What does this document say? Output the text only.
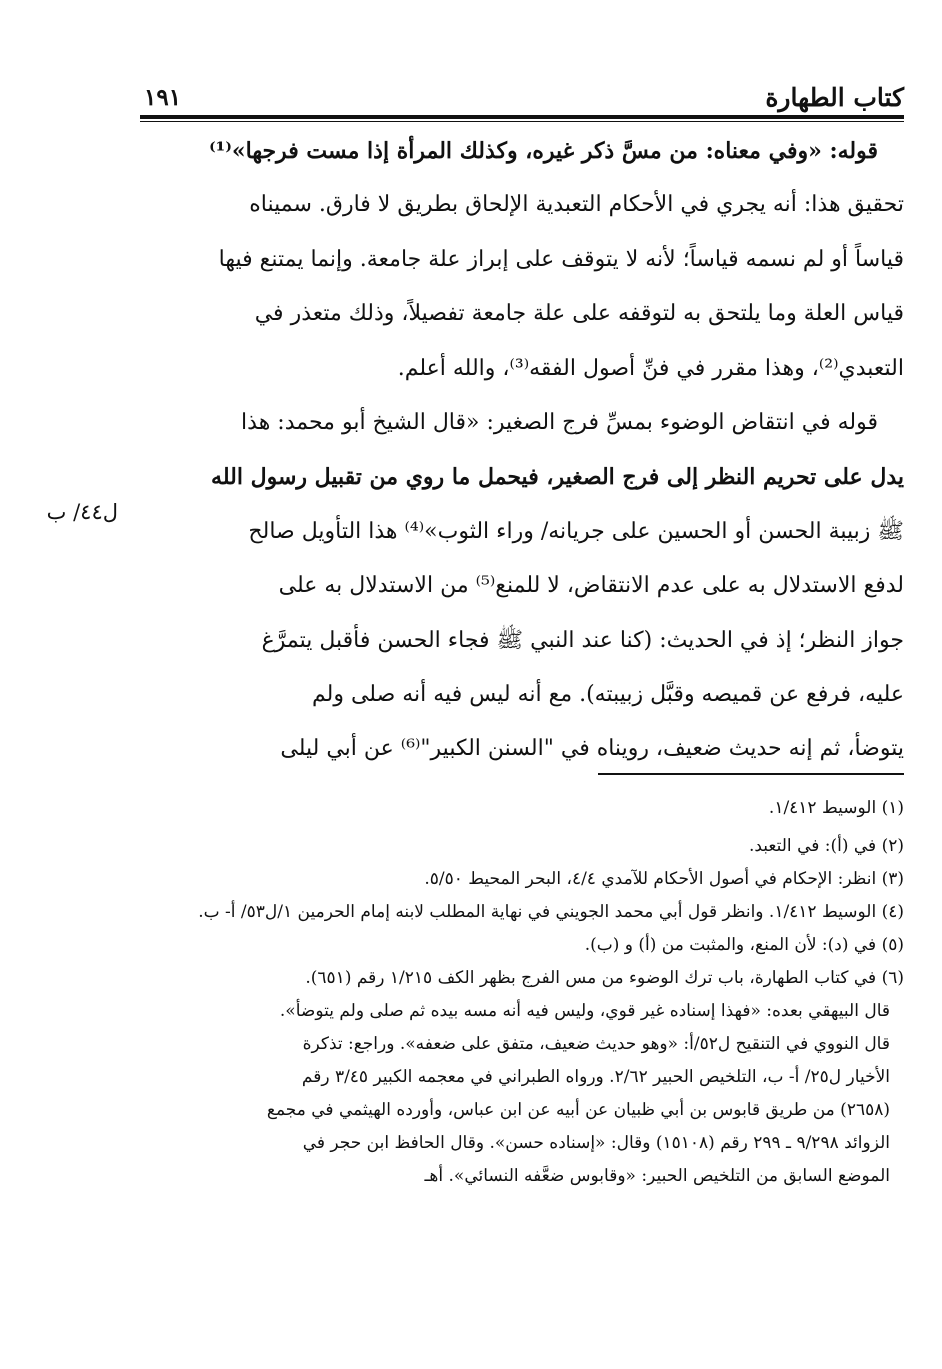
كتاب الطهارة
١٩١
قوله: «وفي معناه: من مسَّ ذكر غيره، وكذلك المرأة إذا مست فرجها»⁽¹⁾
تحقيق هذا: أنه يجري في الأحكام التعبدية الإلحاق بطريق لا فارق. سميناه
قياساً أو لم نسمه قياساً؛ لأنه لا يتوقف على إبراز علة جامعة. وإنما يمتنع فيها
قياس العلة وما يلتحق به لتوقفه على علة جامعة تفصيلاً، وذلك متعذر في
التعبدي⁽²⁾، وهذا مقرر في فنِّ أصول الفقه⁽³⁾، والله أعلم.
قوله في انتقاض الوضوء بمسِّ فرج الصغير: «قال الشيخ أبو محمد: هذا
يدل على تحريم النظر إلى فرج الصغير، فيحمل ما روي من تقبيل رسول الله
ﷺ زبيبة الحسن أو الحسين على جريانه/ وراء الثوب»⁽⁴⁾ هذا التأويل صالح
لدفع الاستدلال به على عدم الانتقاض، لا للمنع⁽⁵⁾ من الاستدلال به على
جواز النظر؛ إذ في الحديث: (كنا عند النبي ﷺ فجاء الحسن فأقبل يتمرَّغ
عليه، فرفع عن قميصه وقبَّل زبيبته). مع أنه ليس فيه أنه صلى ولم
يتوضأ، ثم إنه حديث ضعيف، رويناه في "السنن الكبير"⁽⁶⁾ عن أبي ليلى
ل٤٤/ ب
(١) الوسيط ١/٤١٢.
(٢) في (أ): في التعبد.
(٣) انظر: الإحكام في أصول الأحكام للآمدي ٤/٤، البحر المحيط ٥/٥٠.
(٤) الوسيط ١/٤١٢. وانظر قول أبي محمد الجويني في نهاية المطلب لابنه إمام الحرمين ١/ل٥٣/ أ- ب.
(٥) في (د): لأن المنع، والمثبت من (أ) و (ب).
(٦) في كتاب الطهارة، باب ترك الوضوء من مس الفرج بظهر الكف ١/٢١٥ رقم (٦٥١).
قال البيهقي بعده: «فهذا إسناده غير قوي، وليس فيه أنه مسه بيده ثم صلى ولم يتوضأ».
قال النووي في التنقيح ل٥٢/أ: «وهو حديث ضعيف، متفق على ضعفه». وراجع: تذكرة
الأخيار ل٢٥/ أ- ب، التلخيص الحبير ٢/٦٢. ورواه الطبراني في معجمه الكبير ٣/٤٥ رقم
(٢٦٥٨) من طريق قابوس بن أبي ظبيان عن أبيه عن ابن عباس، وأورده الهيثمي في مجمع
الزوائد ٩/٢٩٨ ـ ٢٩٩ رقم (١٥١٠٨) وقال: «إسناده حسن». وقال الحافظ ابن حجر في
الموضع السابق من التلخيص الحبير: «وقابوس ضعَّفه النسائي». أهـ
